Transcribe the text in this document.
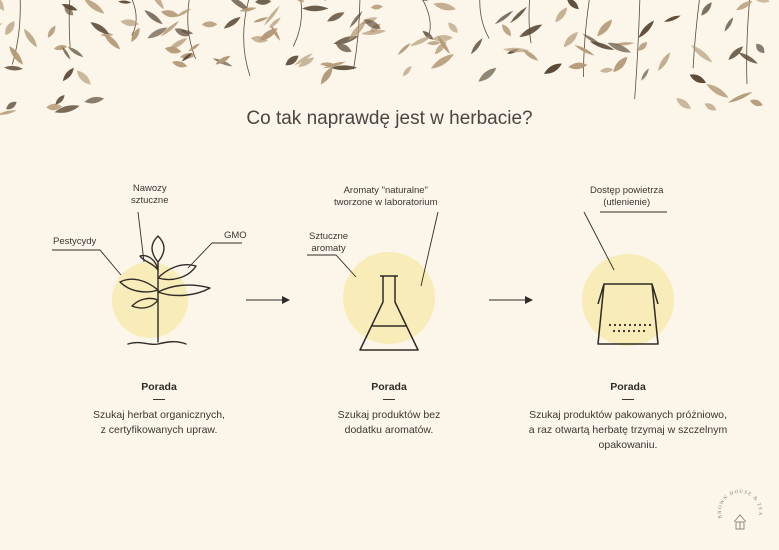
Co tak naprawdę jest w herbacie?
Nawozy
sztuczne
Pestycydy
GMO
Aromaty "naturalne"
tworzone w laboratorium
Sztuczne
aromaty
Dostęp powietrza
(utlenienie)
Porada	Porada	Porada
Szukaj herbat organicznych,
z certyfikowanych upraw.
Szukaj produktów bez
dodatku aromatów.
Szukaj produktów pakowanych próżniowo,
a raz otwartą herbatę trzymaj w szczelnym
opakowaniu.
BROWN HOUSE & TEA
